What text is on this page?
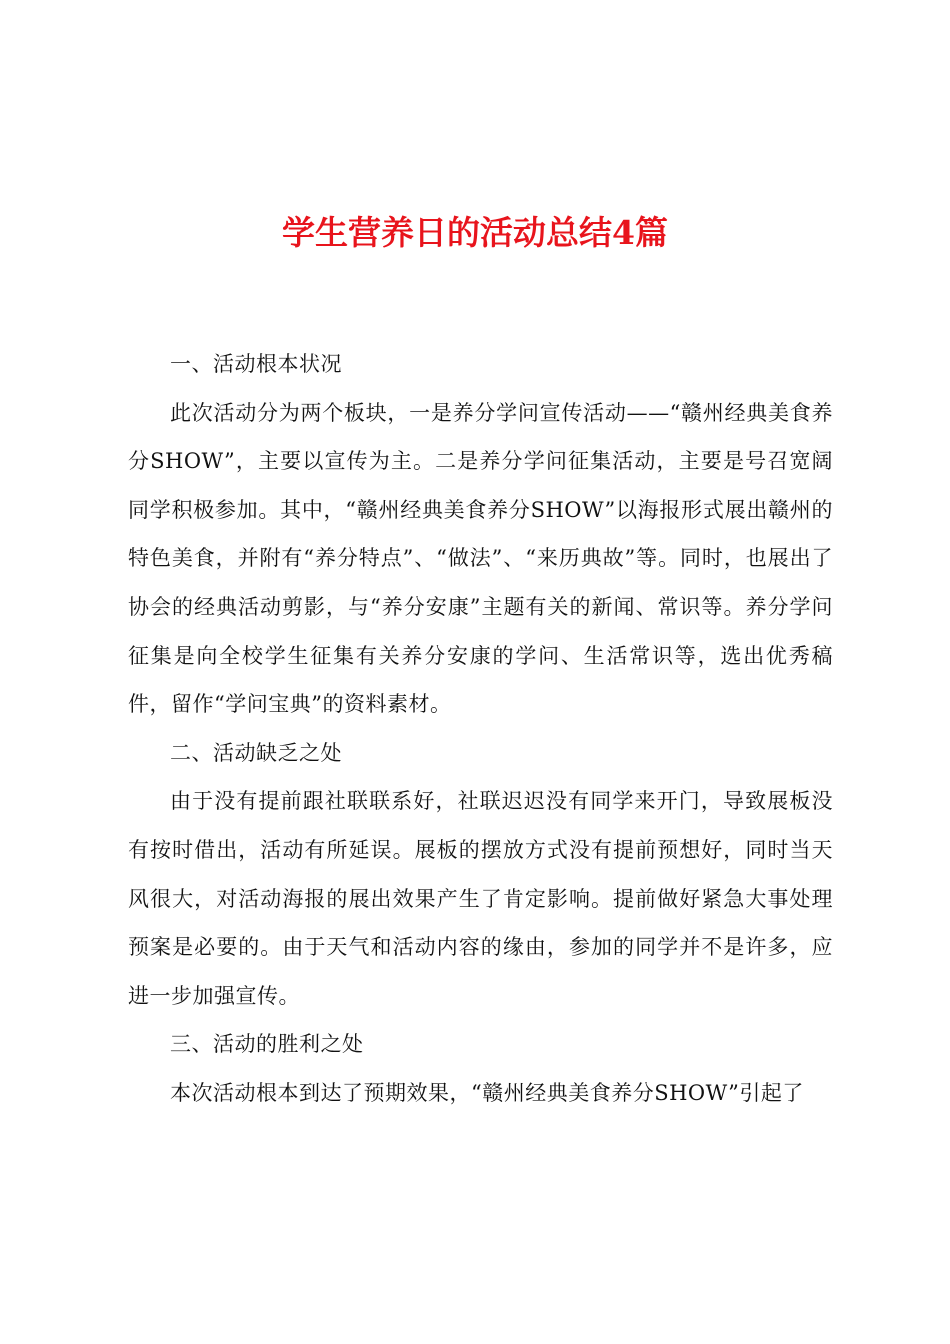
学生营养日的活动总结4篇

一、活动根本状况

此次活动分为两个板块，一是养分学问宣传活动——“赣州经典美食养分SHOW”，主要以宣传为主。二是养分学问征集活动，主要是号召宽阔同学积极参加。其中，“赣州经典美食养分SHOW”以海报形式展出赣州的特色美食，并附有“养分特点”、“做法”、“来历典故”等。同时，也展出了协会的经典活动剪影，与“养分安康”主题有关的新闻、常识等。养分学问征集是向全校学生征集有关养分安康的学问、生活常识等，选出优秀稿件，留作“学问宝典”的资料素材。

二、活动缺乏之处

由于没有提前跟社联联系好，社联迟迟没有同学来开门，导致展板没有按时借出，活动有所延误。展板的摆放方式没有提前预想好，同时当天风很大，对活动海报的展出效果产生了肯定影响。提前做好紧急大事处理预案是必要的。由于天气和活动内容的缘由，参加的同学并不是许多，应进一步加强宣传。

三、活动的胜利之处

本次活动根本到达了预期效果，“赣州经典美食养分SHOW”引起了
